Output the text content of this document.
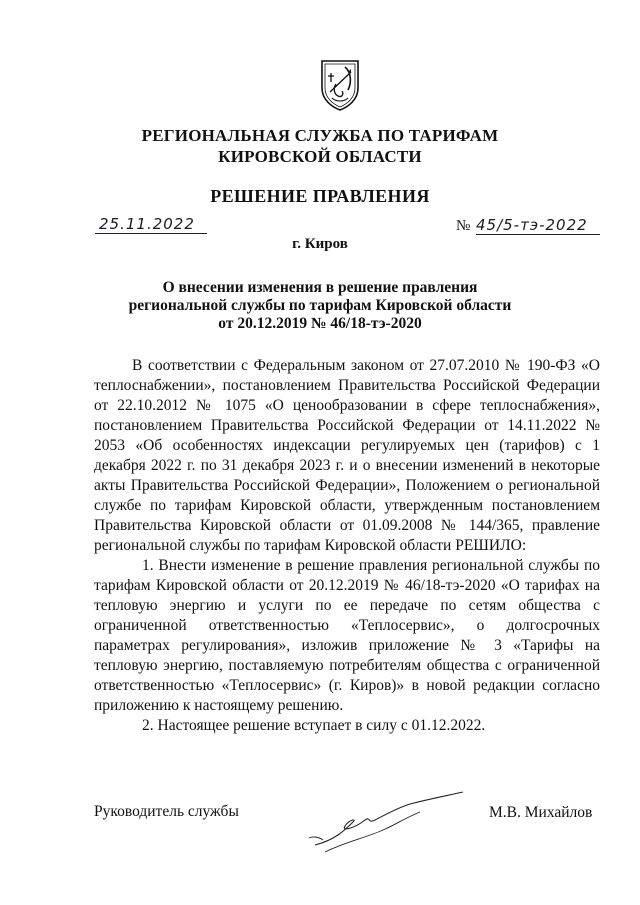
РЕГИОНАЛЬНАЯ СЛУЖБА ПО ТАРИФАМ
КИРОВСКОЙ ОБЛАСТИ
РЕШЕНИЕ ПРАВЛЕНИЯ
25.11.2022	№ 45/5-тэ-2022
г. Киров
О внесении изменения в решение правления
региональной службы по тарифам Кировской области
от 20.12.2019 № 46/18-тэ-2020

В соответствии с Федеральным законом от 27.07.2010 № 190-ФЗ «О теплоснабжении», постановлением Правительства Российской Федерации от 22.10.2012 № 1075 «О ценообразовании в сфере теплоснабжения», постановлением Правительства Российской Федерации от 14.11.2022 № 2053 «Об особенностях индексации регулируемых цен (тарифов) с 1 декабря 2022 г. по 31 декабря 2023 г. и о внесении изменений в некоторые акты Правительства Российской Федерации», Положением о региональной службе по тарифам Кировской области, утвержденным постановлением Правительства Кировской области от 01.09.2008 № 144/365, правление региональной службы по тарифам Кировской области РЕШИЛО:

1. Внести изменение в решение правления региональной службы по тарифам Кировской области от 20.12.2019 № 46/18-тэ-2020 «О тарифах на тепловую энергию и услуги по ее передаче по сетям общества с ограниченной ответственностью «Теплосервис», о долгосрочных параметрах регулирования», изложив приложение № 3 «Тарифы на тепловую энергию, поставляемую потребителям общества с ограниченной ответственностью «Теплосервис» (г. Киров)» в новой редакции согласно приложению к настоящему решению.

2. Настоящее решение вступает в силу с 01.12.2022.

Руководитель службы	М.В. Михайлов
